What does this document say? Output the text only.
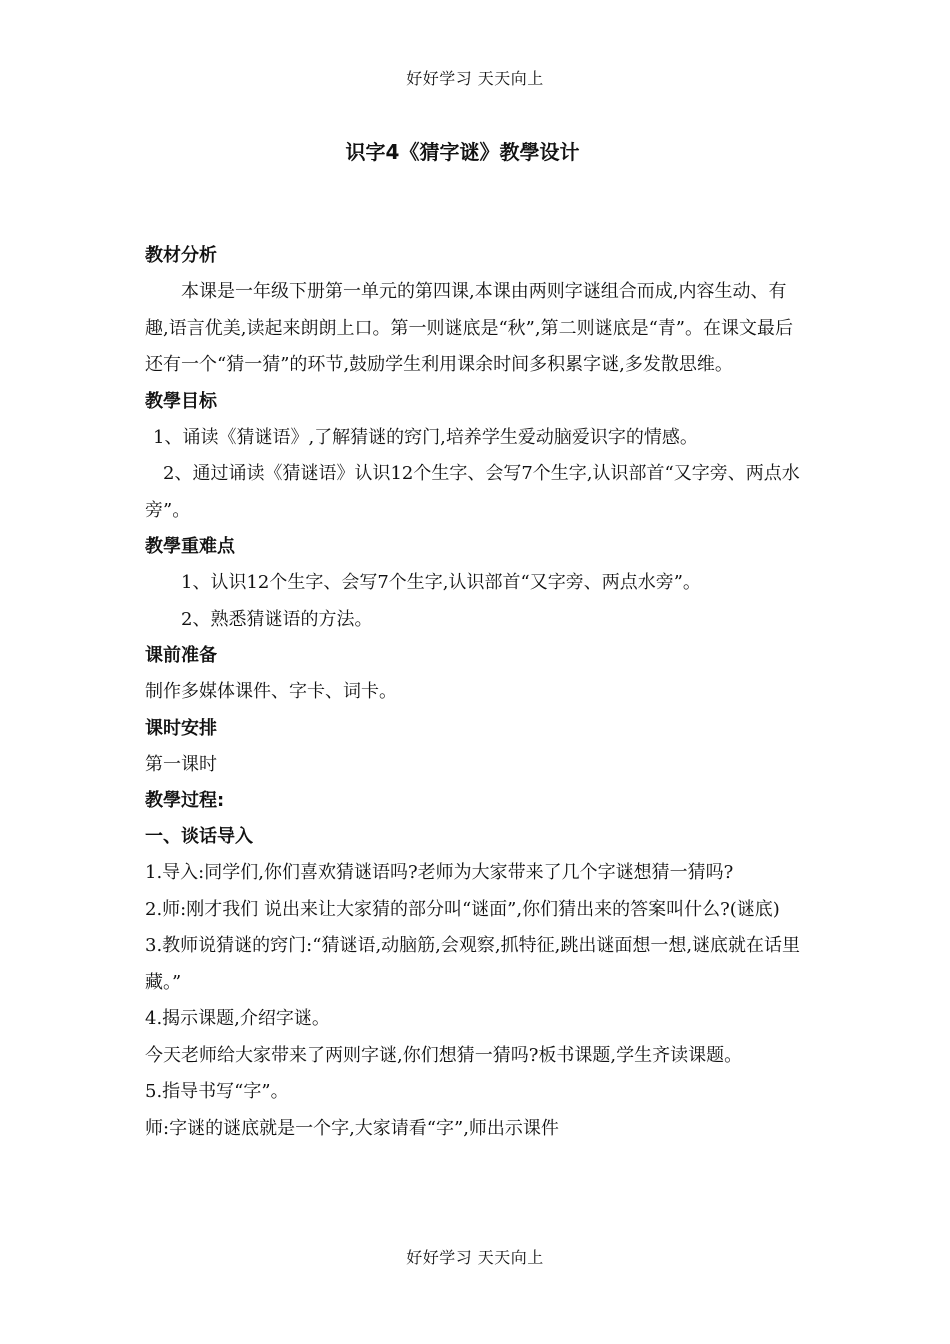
好好学习 天天向上
识字4《猜字谜》教學设计
教材分析
本课是一年级下册第一单元的第四课,本课由两则字谜组合而成,内容生动、有趣,语言优美,读起来朗朗上口。第一则谜底是“秋”,第二则谜底是“青”。在课文最后还有一个“猜一猜”的环节,鼓励学生利用课余时间多积累字谜,多发散思维。
教學目标
1、诵读《猜谜语》,了解猜谜的窍门,培养学生爱动脑爱识字的情感。
2、通过诵读《猜谜语》认识12个生字、会写7个生字,认识部首“又字旁、两点水旁”。
教學重难点
1、认识12个生字、会写7个生字,认识部首“又字旁、两点水旁”。
2、熟悉猜谜语的方法。
课前准备
制作多媒体课件、字卡、词卡。
课时安排
第一课时
教學过程:
一、谈话导入
1.导入:同学们,你们喜欢猜谜语吗?老师为大家带来了几个字谜想猜一猜吗?
2.师:刚才我们 说出来让大家猜的部分叫“谜面”,你们猜出来的答案叫什么?(谜底)
3.教师说猜谜的窍门:“猜谜语,动脑筋,会观察,抓特征,跳出谜面想一想,谜底就在话里藏。”
4.揭示课题,介绍字谜。
今天老师给大家带来了两则字谜,你们想猜一猜吗?板书课题,学生齐读课题。
5.指导书写“字”。
师:字谜的谜底就是一个字,大家请看“字”,师出示课件
好好学习 天天向上
